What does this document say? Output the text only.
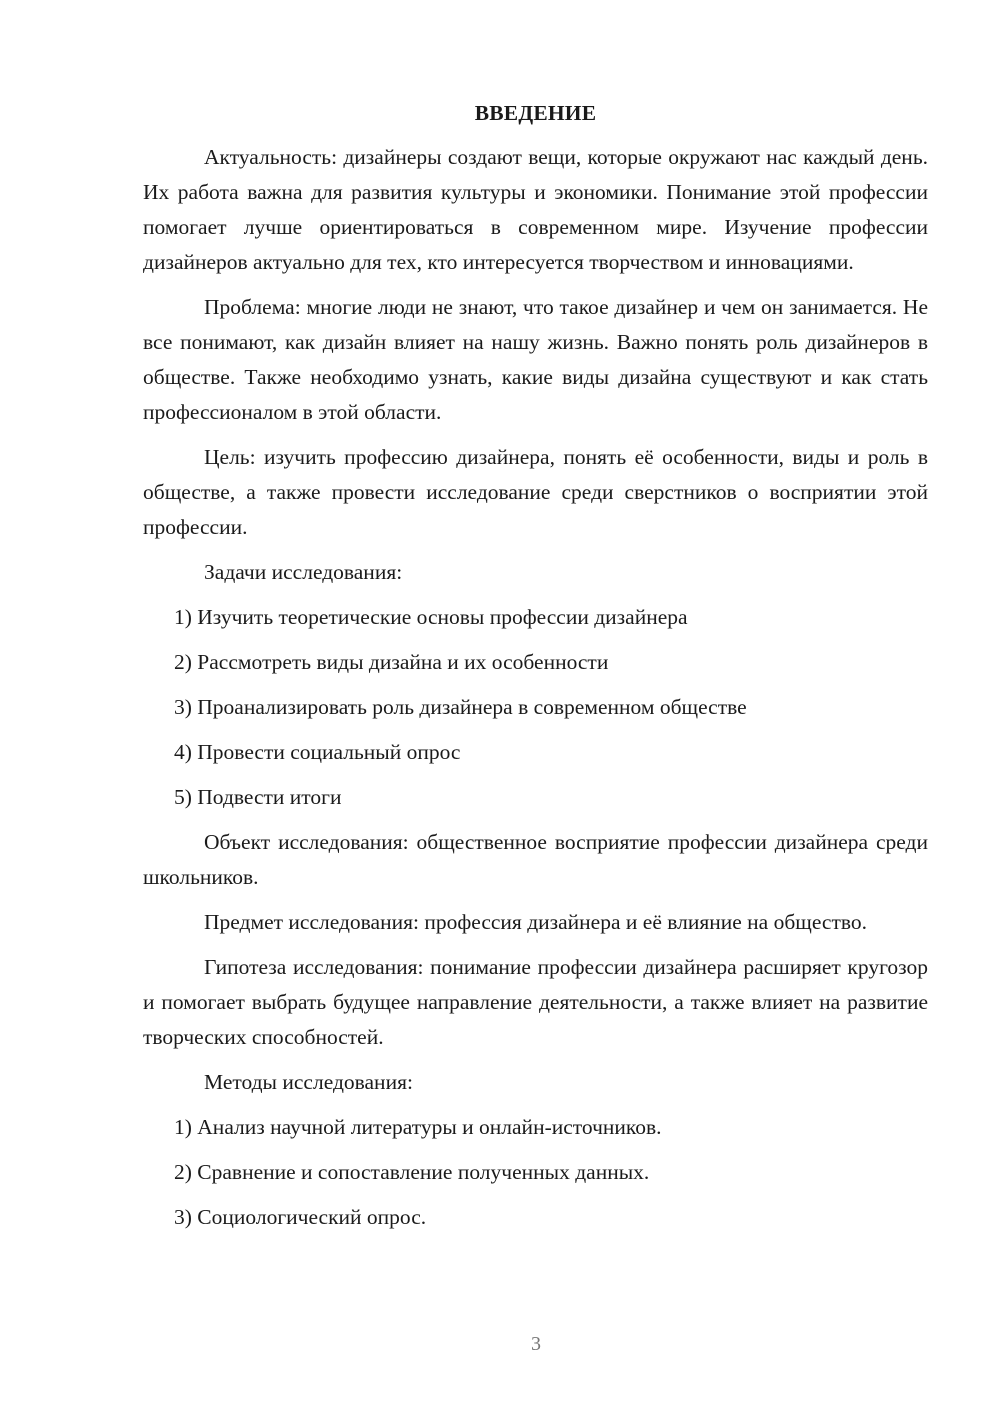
ВВЕДЕНИЕ

Актуальность: дизайнеры создают вещи, которые окружают нас каждый день. Их работа важна для развития культуры и экономики. Понимание этой профессии помогает лучше ориентироваться в современном мире. Изучение профессии дизайнеров актуально для тех, кто интересуется творчеством и инновациями.

Проблема: многие люди не знают, что такое дизайнер и чем он занимается. Не все понимают, как дизайн влияет на нашу жизнь. Важно понять роль дизайнеров в обществе. Также необходимо узнать, какие виды дизайна существуют и как стать профессионалом в этой области.

Цель: изучить профессию дизайнера, понять её особенности, виды и роль в обществе, а также провести исследование среди сверстников о восприятии этой профессии.

Задачи исследования:

1) Изучить теоретические основы профессии дизайнера
2) Рассмотреть виды дизайна и их особенности
3) Проанализировать роль дизайнера в современном обществе
4) Провести социальный опрос
5) Подвести итоги

Объект исследования: общественное восприятие профессии дизайнера среди школьников.

Предмет исследования: профессия дизайнера и её влияние на общество.

Гипотеза исследования: понимание профессии дизайнера расширяет кругозор и помогает выбрать будущее направление деятельности, а также влияет на развитие творческих способностей.

Методы исследования:

1) Анализ научной литературы и онлайн-источников.
2) Сравнение и сопоставление полученных данных.
3) Социологический опрос.
3
